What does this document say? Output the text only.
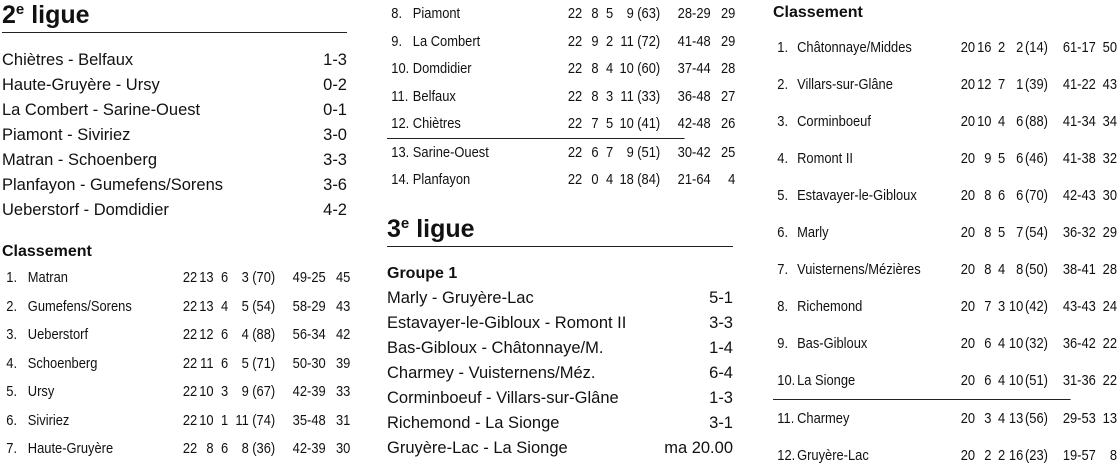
2e ligue
Chiètres - Belfaux	1-3
Haute-Gruyère - Ursy	0-2
La Combert - Sarine-Ouest	0-1
Piamont - Siviriez	3-0
Matran - Schoenberg	3-3
Planfayon - Gumefens/Sorens	3-6
Ueberstorf - Domdidier	4-2
Classement
1. Matran	22 13 6 3 (70) 49-25 45
2. Gumefens/Sorens	22 13 4 5 (54) 58-29 43
3. Ueberstorf	22 12 6 4 (88) 56-34 42
4. Schoenberg	22 11 6 5 (71) 50-30 39
5. Ursy	22 10 3 9 (67) 42-39 33
6. Siviriez	22 10 1 11 (74) 35-48 31
7. Haute-Gruyère	22 8 6 8 (36) 42-39 30
8. Piamont	22 8 5 9 (63) 28-29 29
9. La Combert	22 9 2 11 (72) 41-48 29
10. Domdidier	22 8 4 10 (60) 37-44 28
11. Belfaux	22 8 3 11 (33) 36-48 27
12. Chiètres	22 7 5 10 (41) 42-48 26
13. Sarine-Ouest	22 6 7 9 (51) 30-42 25
14. Planfayon	22 0 4 18 (84) 21-64	4
3e ligue
Groupe 1
Marly - Gruyère-Lac	5-1
Estavayer-le-Gibloux - Romont II	3-3
Bas-Gibloux - Châtonnaye/M.	1-4
Charmey - Vuisternens/Méz.	6-4
Corminboeuf - Villars-sur-Glâne	1-3
Richemond - La Sionge	3-1
Gruyère-Lac - La Sionge	ma 20.00
Classement
1. Châtonnaye/Middes	20 16 2 2 (14) 61-17 50
2. Villars-sur-Glâne	20 12 7 1 (39) 41-22 43
3. Corminboeuf	20 10 4 6 (88) 41-34 34
4. Romont II	20 9 5 6 (46) 41-38 32
5. Estavayer-le-Gibloux	20 8 6 6 (70) 42-43 30
6. Marly	20 8 5 7 (54) 36-32 29
7. Vuisternens/Mézières	20 8 4 8 (50) 38-41 28
8. Richemond	20 7 3 10 (42) 43-43 24
9. Bas-Gibloux	20 6 4 10 (32) 36-42 22
10. La Sionge	20 6 4 10 (51) 31-36 22
11. Charmey	20 3 4 13 (56) 29-53 13
12. Gruyère-Lac	20 2 2 16 (23) 19-57 8
